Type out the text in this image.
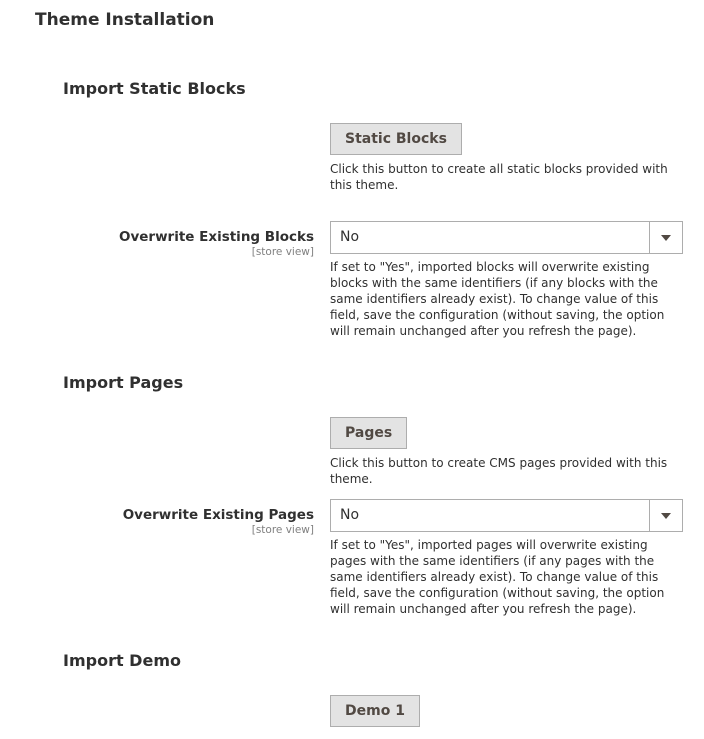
Theme Installation
Import Static Blocks
Static Blocks

Click this button to create all static blocks provided with this theme.

Overwrite Existing Blocks
[store view]
No

If set to "Yes", imported blocks will overwrite existing blocks with the same identifiers (if any blocks with the same identifiers already exist). To change value of this field, save the configuration (without saving, the option will remain unchanged after you refresh the page).

Import Pages
Pages

Click this button to create CMS pages provided with this theme.

Overwrite Existing Pages
[store view]
No

If set to "Yes", imported pages will overwrite existing pages with the same identifiers (if any pages with the same identifiers already exist). To change value of this field, save the configuration (without saving, the option will remain unchanged after you refresh the page).

Import Demo
Demo 1
